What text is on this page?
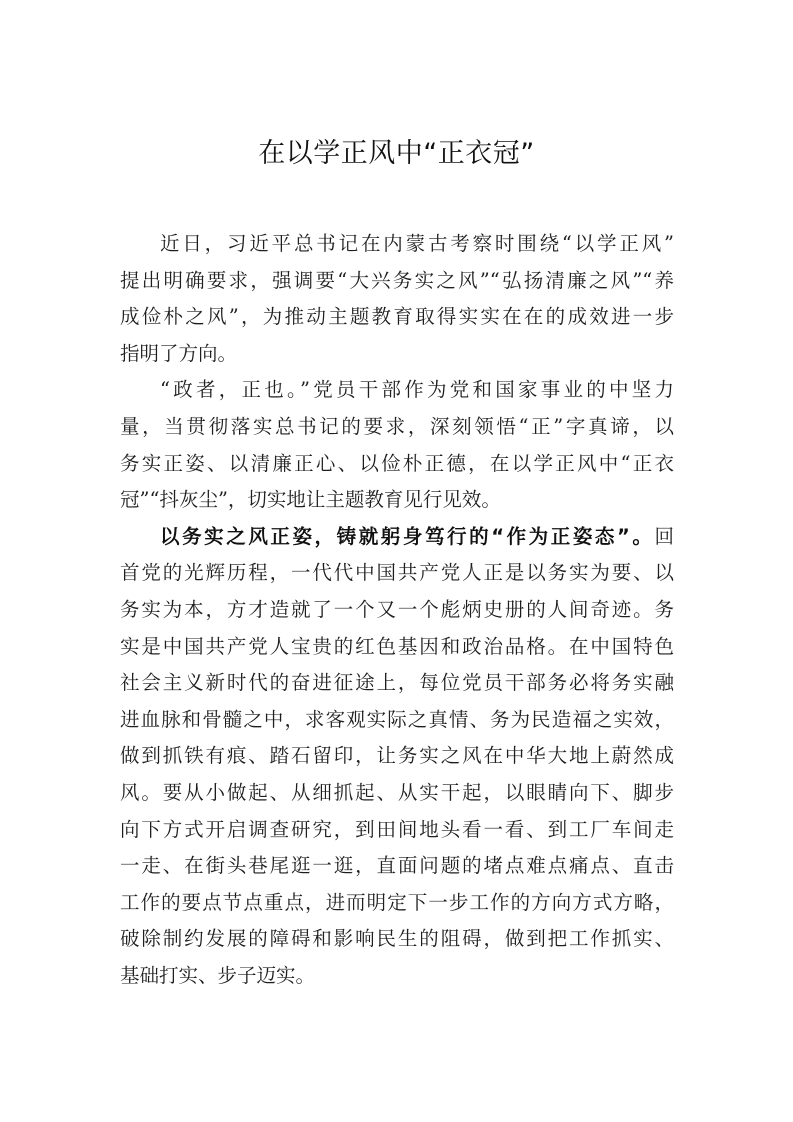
在以学正风中“正衣冠”
近日，习近平总书记在内蒙古考察时围绕“以学正风”
提出明确要求，强调要“大兴务实之风”“弘扬清廉之风”“养
成俭朴之风”，为推动主题教育取得实实在在的成效进一步
指明了方向。
“政者，正也。”党员干部作为党和国家事业的中坚力
量，当贯彻落实总书记的要求，深刻领悟“正”字真谛，以
务实正姿、以清廉正心、以俭朴正德，在以学正风中“正衣
冠”“抖灰尘”，切实地让主题教育见行见效。
以务实之风正姿，铸就躬身笃行的“作为正姿态”。回
首党的光辉历程，一代代中国共产党人正是以务实为要、以
务实为本，方才造就了一个又一个彪炳史册的人间奇迹。务
实是中国共产党人宝贵的红色基因和政治品格。在中国特色
社会主义新时代的奋进征途上，每位党员干部务必将务实融
进血脉和骨髓之中，求客观实际之真情、务为民造福之实效，
做到抓铁有痕、踏石留印，让务实之风在中华大地上蔚然成
风。要从小做起、从细抓起、从实干起，以眼睛向下、脚步
向下方式开启调查研究，到田间地头看一看、到工厂车间走
一走、在街头巷尾逛一逛，直面问题的堵点难点痛点、直击
工作的要点节点重点，进而明定下一步工作的方向方式方略，
破除制约发展的障碍和影响民生的阻碍，做到把工作抓实、
基础打实、步子迈实。
